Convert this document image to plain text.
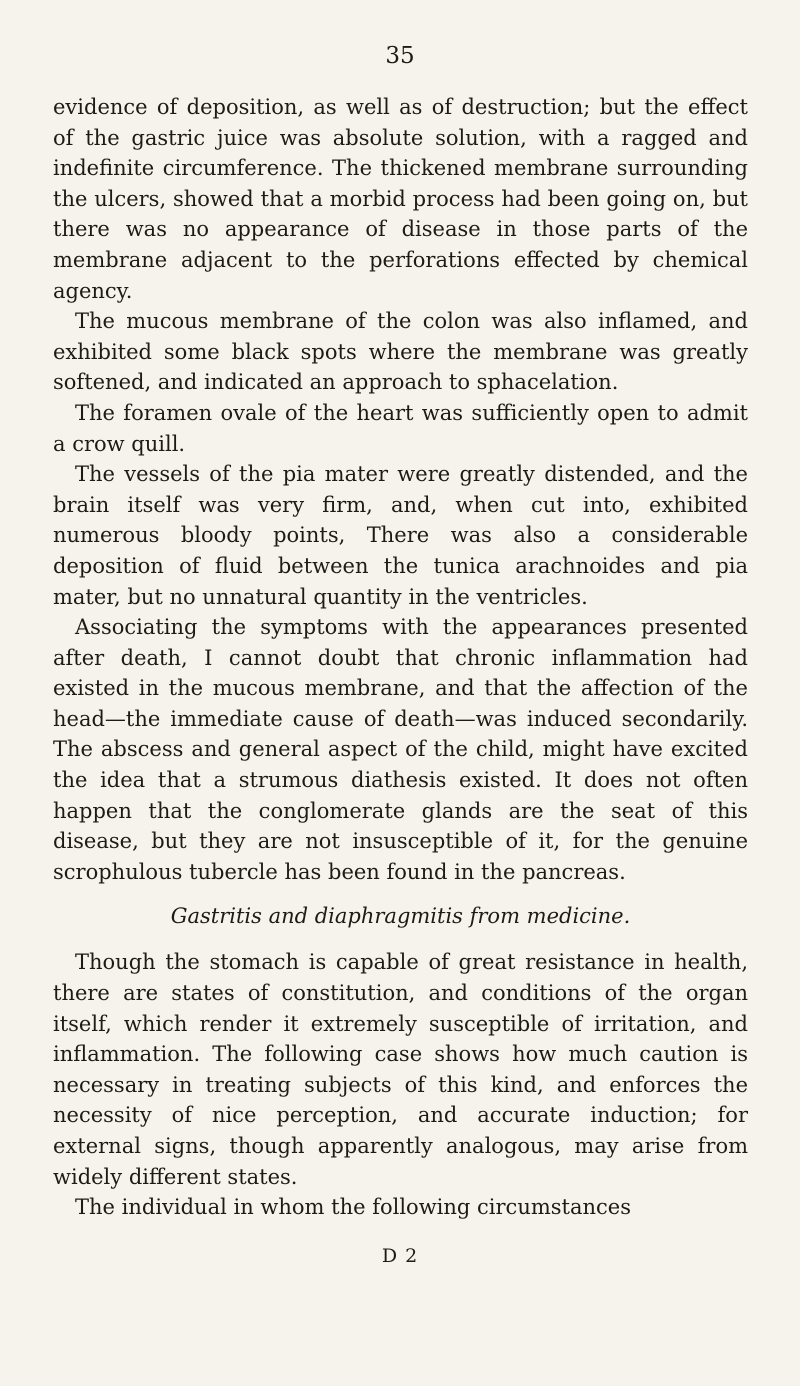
35

evidence of deposition, as well as of destruction; but the effect of the gastric juice was absolute solution, with a ragged and indefinite circumference. The thickened membrane surrounding the ulcers, showed that a morbid process had been going on, but there was no appearance of disease in those parts of the membrane adjacent to the perforations effected by chemical agency.

The mucous membrane of the colon was also inflamed, and exhibited some black spots where the membrane was greatly softened, and indicated an approach to sphacelation.

The foramen ovale of the heart was sufficiently open to admit a crow quill.

The vessels of the pia mater were greatly distended, and the brain itself was very firm, and, when cut into, exhibited numerous bloody points, There was also a considerable deposition of fluid between the tunica arachnoides and pia mater, but no unnatural quantity in the ventricles.

Associating the symptoms with the appearances presented after death, I cannot doubt that chronic inflammation had existed in the mucous membrane, and that the affection of the head—the immediate cause of death—was induced secondarily. The abscess and general aspect of the child, might have excited the idea that a strumous diathesis existed. It does not often happen that the conglomerate glands are the seat of this disease, but they are not insusceptible of it, for the genuine scrophulous tubercle has been found in the pancreas.

Gastritis and diaphragmitis from medicine.

Though the stomach is capable of great resistance in health, there are states of constitution, and conditions of the organ itself, which render it extremely susceptible of irritation, and inflammation. The following case shows how much caution is necessary in treating subjects of this kind, and enforces the necessity of nice perception, and accurate induction; for external signs, though apparently analogous, may arise from widely different states.

The individual in whom the following circumstances

D 2
